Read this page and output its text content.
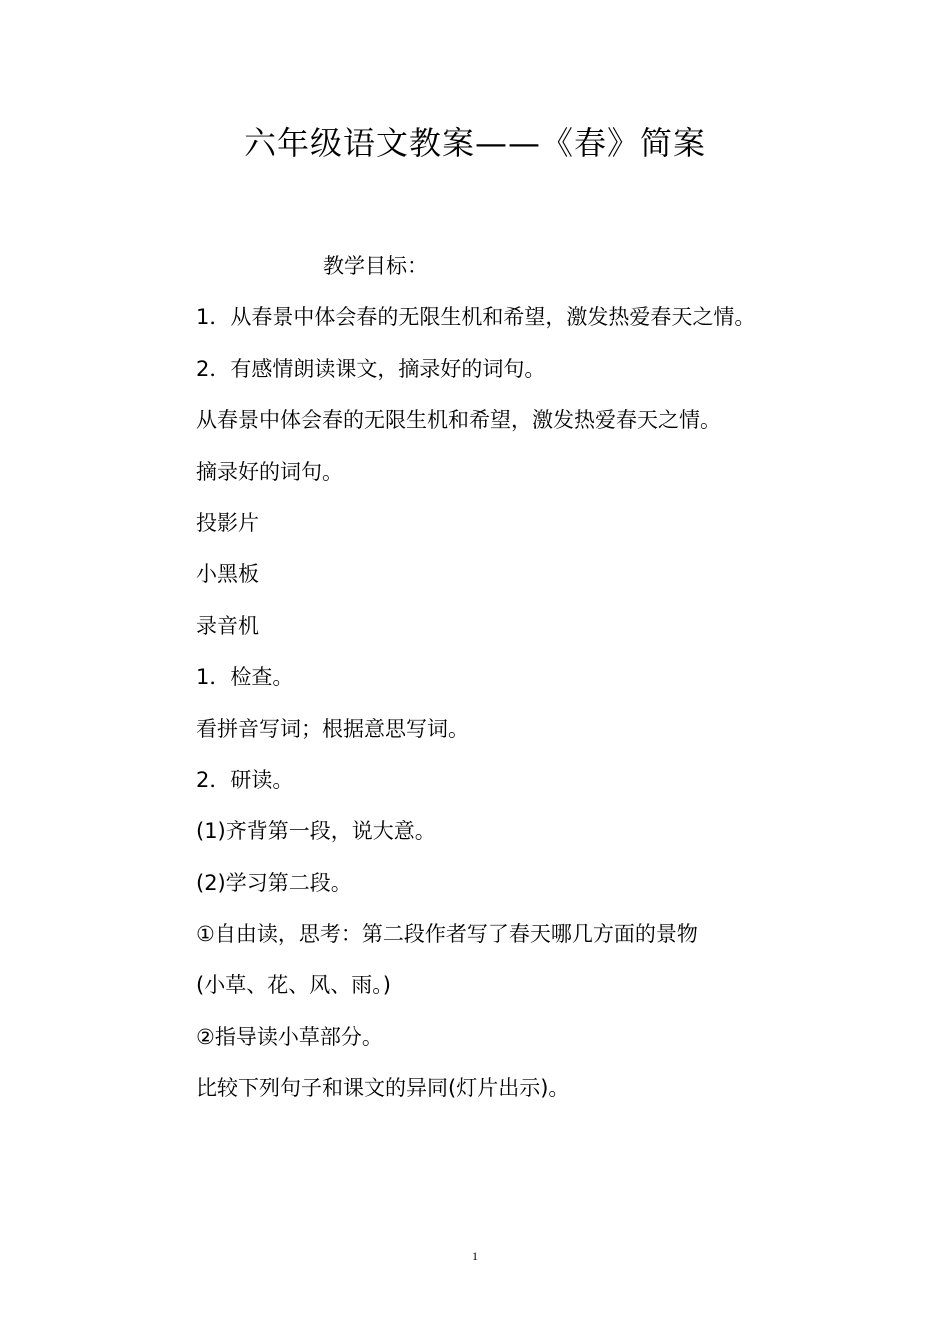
六年级语文教案——《春》简案
教学目标：
1．从春景中体会春的无限生机和希望，激发热爱春天之情。
2．有感情朗读课文，摘录好的词句。
从春景中体会春的无限生机和希望，激发热爱春天之情。
摘录好的词句。
投影片
小黑板
录音机
1．检查。
看拼音写词；根据意思写词。
2．研读。
(1)齐背第一段，说大意。
(2)学习第二段。
①自由读，思考：第二段作者写了春天哪几方面的景物
(小草、花、风、雨。)
②指导读小草部分。
比较下列句子和课文的异同(灯片出示)。
1
